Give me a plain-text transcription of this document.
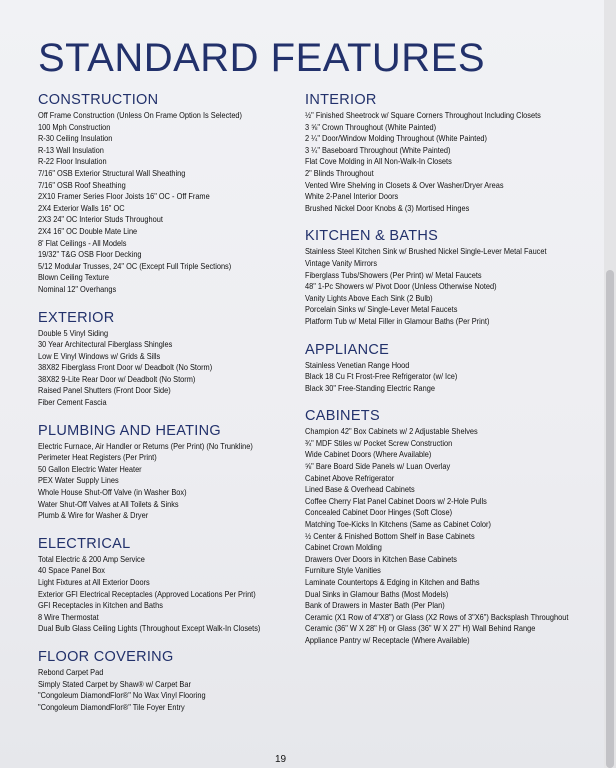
STANDARD FEATURES
CONSTRUCTION
Off Frame Construction (Unless On Frame Option Is Selected)
100 Mph Construction
R-30 Ceiling Insulation
R-13 Wall Insulation
R-22 Floor Insulation
7/16" OSB Exterior Structural Wall Sheathing
7/16" OSB Roof Sheathing
2X10 Framer Series Floor Joists 16" OC - Off Frame
2X4 Exterior Walls 16" OC
2X3 24" OC Interior Studs Throughout
2X4 16" OC Double Mate Line
8' Flat Ceilings - All Models
19/32" T&G OSB Floor Decking
5/12 Modular Trusses, 24" OC (Except Full Triple Sections)
Blown Ceiling Texture
Nominal 12" Overhangs
EXTERIOR
Double 5 Vinyl Siding
30 Year Architectural Fiberglass Shingles
Low E Vinyl Windows w/ Grids & Sills
38X82 Fiberglass Front Door w/ Deadbolt (No Storm)
38X82 9-Lite Rear Door w/ Deadbolt (No Storm)
Raised Panel Shutters (Front Door Side)
Fiber Cement Fascia
PLUMBING AND HEATING
Electric Furnace, Air Handler or Returns (Per Print) (No Trunkline)
Perimeter Heat Registers (Per Print)
50 Gallon Electric Water Heater
PEX Water Supply Lines
Whole House Shut-Off Valve (in Washer Box)
Water Shut-Off Valves at All Toilets & Sinks
Plumb & Wire for Washer & Dryer
ELECTRICAL
Total Electric & 200 Amp Service
40 Space Panel Box
Light Fixtures at All Exterior Doors
Exterior GFI Electrical Receptacles (Approved Locations Per Print)
GFI Receptacles in Kitchen and Baths
8 Wire Thermostat
Dual Bulb Glass Ceiling Lights (Throughout Except Walk-In Closets)
FLOOR COVERING
Rebond Carpet Pad
Simply Stated Carpet by Shaw® w/ Carpet Bar
"Congoleum DiamondFlor®" No Wax Vinyl Flooring
"Congoleum DiamondFlor®" Tile Foyer Entry
INTERIOR
½" Finished Sheetrock w/ Square Corners Throughout Including Closets
3 ⅝" Crown Throughout (White Painted)
2 ¼" Door/Window Molding Throughout (White Painted)
3 ¼" Baseboard Throughout (White Painted)
Flat Cove Molding in All Non-Walk-In Closets
2" Blinds Throughout
Vented Wire Shelving in Closets & Over Washer/Dryer Areas
White 2-Panel Interior Doors
Brushed Nickel Door Knobs & (3) Mortised Hinges
KITCHEN & BATHS
Stainless Steel Kitchen Sink w/ Brushed Nickel Single-Lever Metal Faucet
Vintage Vanity Mirrors
Fiberglass Tubs/Showers (Per Print) w/ Metal Faucets
48" 1-Pc Showers w/ Pivot Door (Unless Otherwise Noted)
Vanity Lights Above Each Sink (2 Bulb)
Porcelain Sinks w/ Single-Lever Metal Faucets
Platform Tub w/ Metal Filler in Glamour Baths (Per Print)
APPLIANCE
Stainless Venetian Range Hood
Black 18 Cu Ft Frost-Free Refrigerator (w/ Ice)
Black 30" Free-Standing Electric Range
CABINETS
Champion 42" Box Cabinets w/ 2 Adjustable Shelves
¾" MDF Stiles w/ Pocket Screw Construction
Wide Cabinet Doors (Where Available)
⅝" Bare Board Side Panels w/ Luan Overlay
Cabinet Above Refrigerator
Lined Base & Overhead Cabinets
Coffee Cherry Flat Panel Cabinet Doors w/ 2-Hole Pulls
Concealed Cabinet Door Hinges (Soft Close)
Matching Toe-Kicks In Kitchens (Same as Cabinet Color)
½ Center & Finished Bottom Shelf in Base Cabinets
Cabinet Crown Molding
Drawers Over Doors in Kitchen Base Cabinets
Furniture Style Vanities
Laminate Countertops & Edging in Kitchen and Baths
Dual Sinks in Glamour Baths (Most Models)
Bank of Drawers in Master Bath (Per Plan)
Ceramic (X1 Row of 4"X8") or Glass (X2 Rows of 3"X6") Backsplash Throughout
Ceramic (36" W X 28" H) or Glass (36" W X 27" H) Wall Behind Range
Appliance Pantry w/ Receptacle (Where Available)
19
